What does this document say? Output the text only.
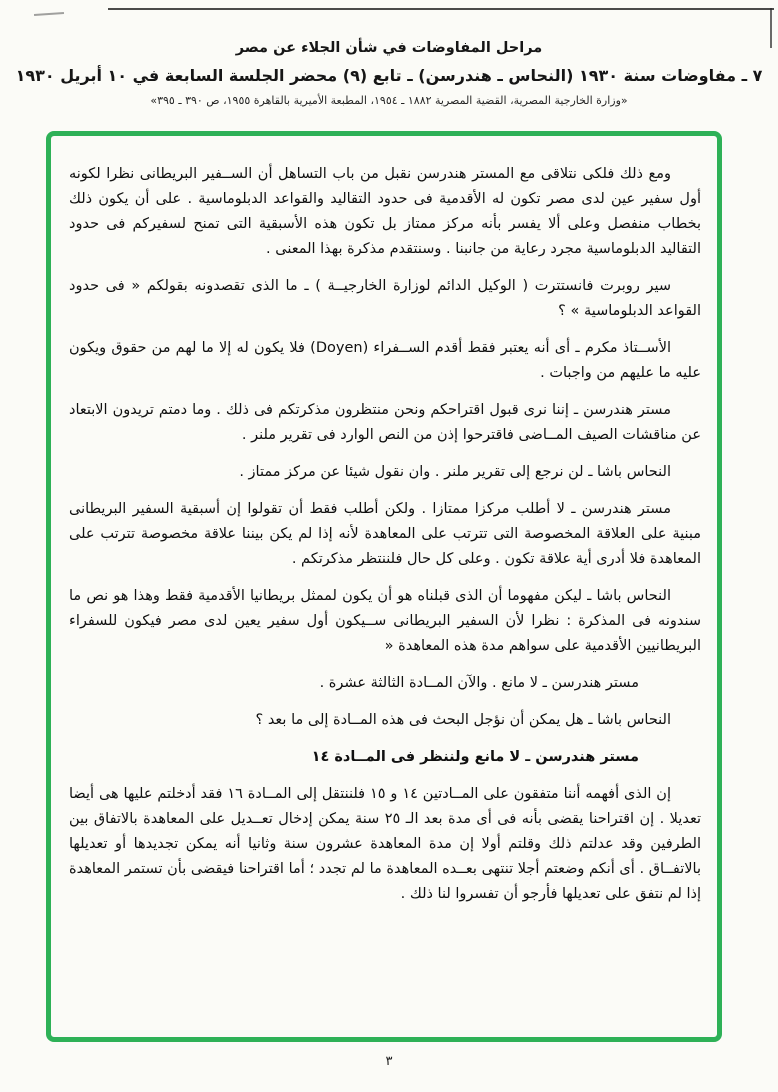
مراحل المفاوضات في شأن الجلاء عن مصر

٧ ـ مفاوضات سنة ١٩٣٠ (النحاس ـ هندرسن) ـ تابع (٩) محضر الجلسة السابعة في ١٠ أبريل ١٩٣٠

«وزارة الخارجية المصرية، القضية المصرية ١٨٨٢ ـ ١٩٥٤، المطبعة الأميرية بالقاهرة ١٩٥٥، ص ٣٩٠ ـ ٣٩٥»

ومع ذلك فلكى نتلاقى مع المستر هندرسن نقبل من باب التساهل أن الســفير البريطانى نظرا لكونه أول سفير عين لدى مصر تكون له الأقدمية فى حدود التقاليد والقواعد الدبلوماسية . على أن يكون ذلك بخطاب منفصل وعلى ألا يفسر بأنه مركز ممتاز بل تكون هذه الأسبقية التى تمنح لسفيركم فى حدود التقاليد الدبلوماسية مجرد رعاية من جانبنا . وسنتقدم مذكرة بهذا المعنى .

سير روبرت فانستترت ( الوكيل الدائم لوزارة الخارجيــة ) ـ ما الذى تقصدونه بقولكم « فى حدود القواعد الدبلوماسية » ؟

الأســتاذ مكرم ـ أى أنه يعتبر فقط أقدم الســفراء (Doyen) فلا يكون له إلا ما لهم من حقوق ويكون عليه ما عليهم من واجبات .

مستر هندرسن ـ إننا نرى قبول اقتراحكم ونحن منتظرون مذكرتكم فى ذلك . وما دمتم تريدون الابتعاد عن مناقشات الصيف المــاضى فاقترحوا إذن من النص الوارد فى تقرير ملنر .

النحاس باشا ـ لن نرجع إلى تقرير ملنر . وان نقول شيئا عن مركز ممتاز .

مستر هندرسن ـ لا أطلب مركزا ممتازا . ولكن أطلب فقط أن تقولوا إن أسبقية السفير البريطانى مبنية على العلاقة المخصوصة التى تترتب على المعاهدة لأنه إذا لم يكن بيننا علاقة مخصوصة تترتب على المعاهدة فلا أدرى أية علاقة تكون . وعلى كل حال فلننتظر مذكرتكم .

النحاس باشا ـ ليكن مفهوما أن الذى قبلناه هو أن يكون لممثل بريطانيا الأقدمية فقط وهذا هو نص ما سندونه فى المذكرة : نظرا لأن السفير البريطانى ســيكون أول سفير يعين لدى مصر فيكون للسفراء البريطانيين الأقدمية على سواهم مدة هذه المعاهدة «

مستر هندرسن ـ لا مانع . والآن المــادة الثالثة عشرة .

النحاس باشا ـ هل يمكن أن نؤجل البحث فى هذه المــادة إلى ما بعد ؟

مستر هندرسن ـ لا مانع ولننظر فى المــادة ١٤

إن الذى أفهمه أننا متفقون على المــادتين ١٤ و ١٥ فلننتقل إلى المــادة ١٦ فقد أدخلتم عليها هى أيضا تعديلا . إن اقتراحنا يقضى بأنه فى أى مدة بعد الـ ٢٥ سنة يمكن إدخال تعــديل على المعاهدة بالاتفاق بين الطرفين وقد عدلتم ذلك وقلتم أولا إن مدة المعاهدة عشرون سنة وثانيا أنه يمكن تجديدها أو تعديلها بالاتفــاق . أى أنكم وضعتم أجلا تنتهى بعــده المعاهدة ما لم تجدد ؛ أما اقتراحنا فيقضى بأن تستمر المعاهدة إذا لم نتفق على تعديلها فأرجو أن تفسروا لنا ذلك .

٣
